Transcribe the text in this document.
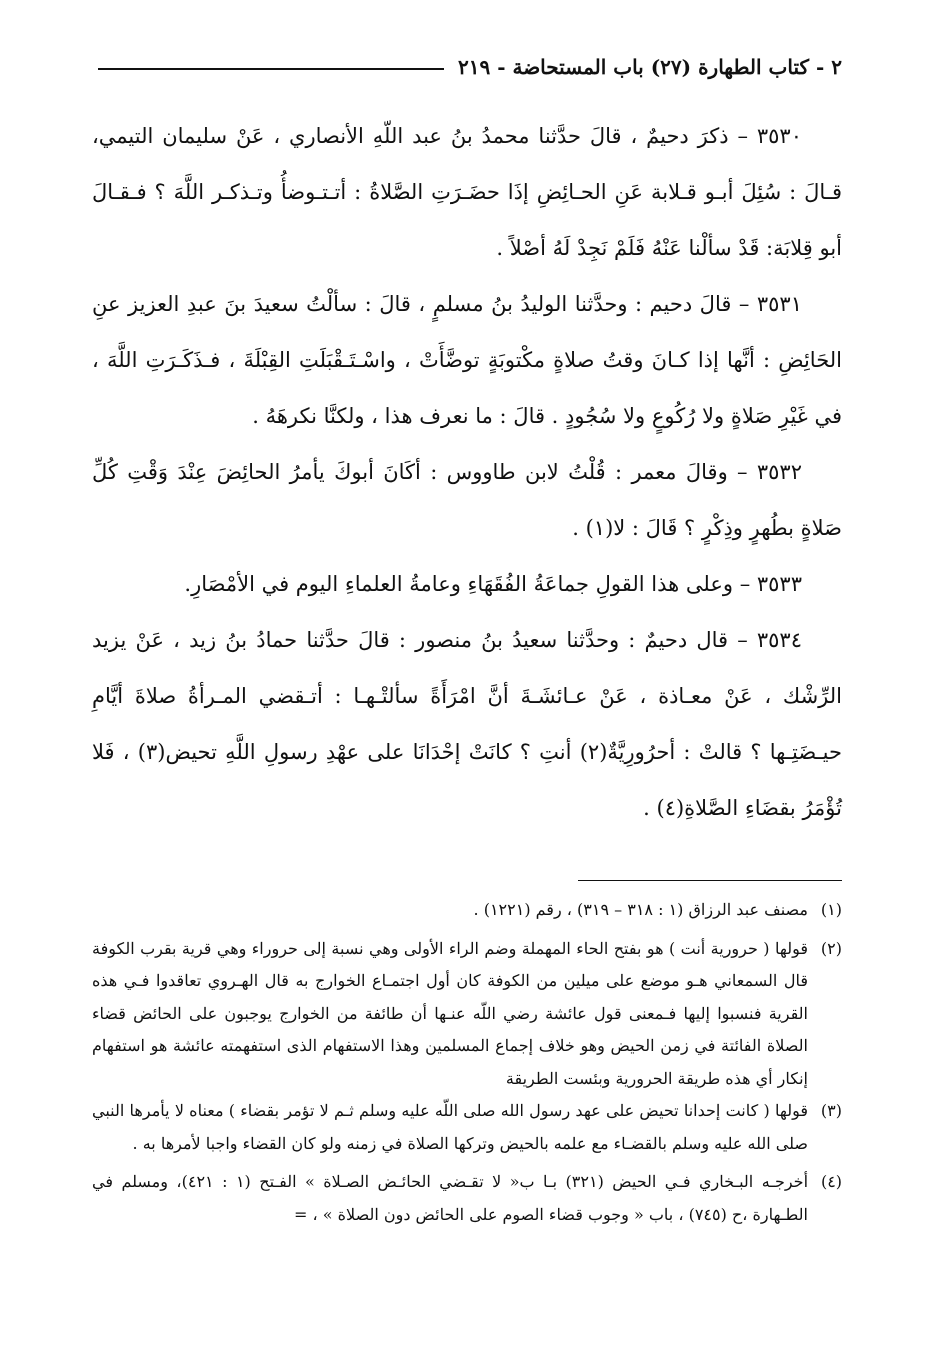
٢ - كتاب الطهارة (٢٧) باب المستحاضة - ٢١٩

٣٥٣٠ – ذكرَ دحيمٌ ، قالَ حدَّثنا محمدُ بنُ عبد اللّهِ الأنصاري ، عَنْ سليمان التيمي، قـالَ : سُئِلَ أبـو قـلابة عَنِ الحـائِضِ إذَا حضَـرَتِ الصَّلاةُ : أتـتـوضأُ وتـذكـر اللَّهَ ؟ فـقـالَ أبو قِلابَة: قَدْ سألْنا عَنْهُ فَلَمْ نَجِدْ لَهُ أصْلاً .

٣٥٣١ – قالَ دحيم : وحدَّثنا الوليدُ بنُ مسلمٍ ، قالَ : سألْتُ سعيدَ بنَ عبدِ العزيز عنِ الحَائِضِ : أنَّها إذا كـانَ وقتُ صلاةٍ مكْتوبَةٍ توضَّأَتْ ، واسْـتَـقْبَلَتِ القِبْلَةَ ، فـذَكَـرَتِ اللَّهَ ، في غَيْرِ صَلاةٍ ولا رُكُوعٍ ولا سُجُودٍ . قالَ : ما نعرف هذا ، ولكنَّا نكرهَهُ .

٣٥٣٢ – وقالَ معمر : قُلْتُ لابن طاووس : أكَانَ أبوكَ يأمرُ الحائِضَ عِنْدَ وَقْتِ كُلِّ صَلاةٍ بطُهرٍ وذِكْرٍ ؟ قَالَ : لا(١) .

٣٥٣٣ – وعلى هذا القولِ جماعَةُ الفُقَهَاءِ وعامةُ العلماءِ اليوم في الأمْصَارِ.

٣٥٣٤ – قال دحيمٌ : وحدَّثنا سعيدُ بنُ منصور : قالَ حدَّثنا حمادُ بنُ زيد ، عَنْ يزيد الرِّشْك ، عَنْ معـاذة ، عَنْ عـائشَـةَ أنَّ امْرَأَةً سألتْـهـا : أتـقضي المـرأةُ صلاةَ أيَّامِ حيـضَتِـها ؟ قالتْ : أحرُورِيَّةٌ(٢) أنتِ ؟ كانَتْ إحْدَانَا على عهْدِ رسولِ اللَّهِ تحيض(٣) ، فَلا تُؤْمَرُ بقضَاءِ الصَّلاةِ(٤) .

(١)مصنف عبد الرزاق (١ : ٣١٨ – ٣١٩) ، رقم (١٢٢١) .

(٢)قولها ( حرورية أنت ) هو بفتح الحاء المهملة وضم الراء الأولى وهي نسبة إلى حروراء وهي قرية بقرب الكوفة قال السمعاني هـو موضع على ميلين من الكوفة كان أول اجتمـاع الخوارج به قال الهـروي تعاقدوا فـي هذه القرية فنسبوا إليها فـمعنى قول عائشة رضي اللّه عنـها أن طائفة من الخوارج يوجبون على الحائض قضاء الصلاة الفائتة في زمن الحيض وهو خلاف إجماع المسلمين وهذا الاستفهام الذى استفهمته عائشة هو استفهام إنكار أي هذه طريقة الحرورية وبئست الطريقة

(٣)قولها ( كانت إحدانا تحيض على عهد رسول الله صلى اللّه عليه وسلم ثـم لا تؤمر بقضاء ) معناه لا يأمرها النبي صلى الله عليه وسلم بالقضـاء مع علمه بالحيض وتركها الصلاة في زمنه ولو كان القضاء واجبا لأمرها به .

(٤)أخرجـه البـخاري فـي الحيض (٣٢١) بـا ب« لا تقـضي الحائـض الصـلاة » الفـتح (١ : ٤٢١)، ومسلم في الطـهارة ،ح (٧٤٥) ، باب « وجوب قضاء الصوم على الحائض دون الصلاة » ، =
